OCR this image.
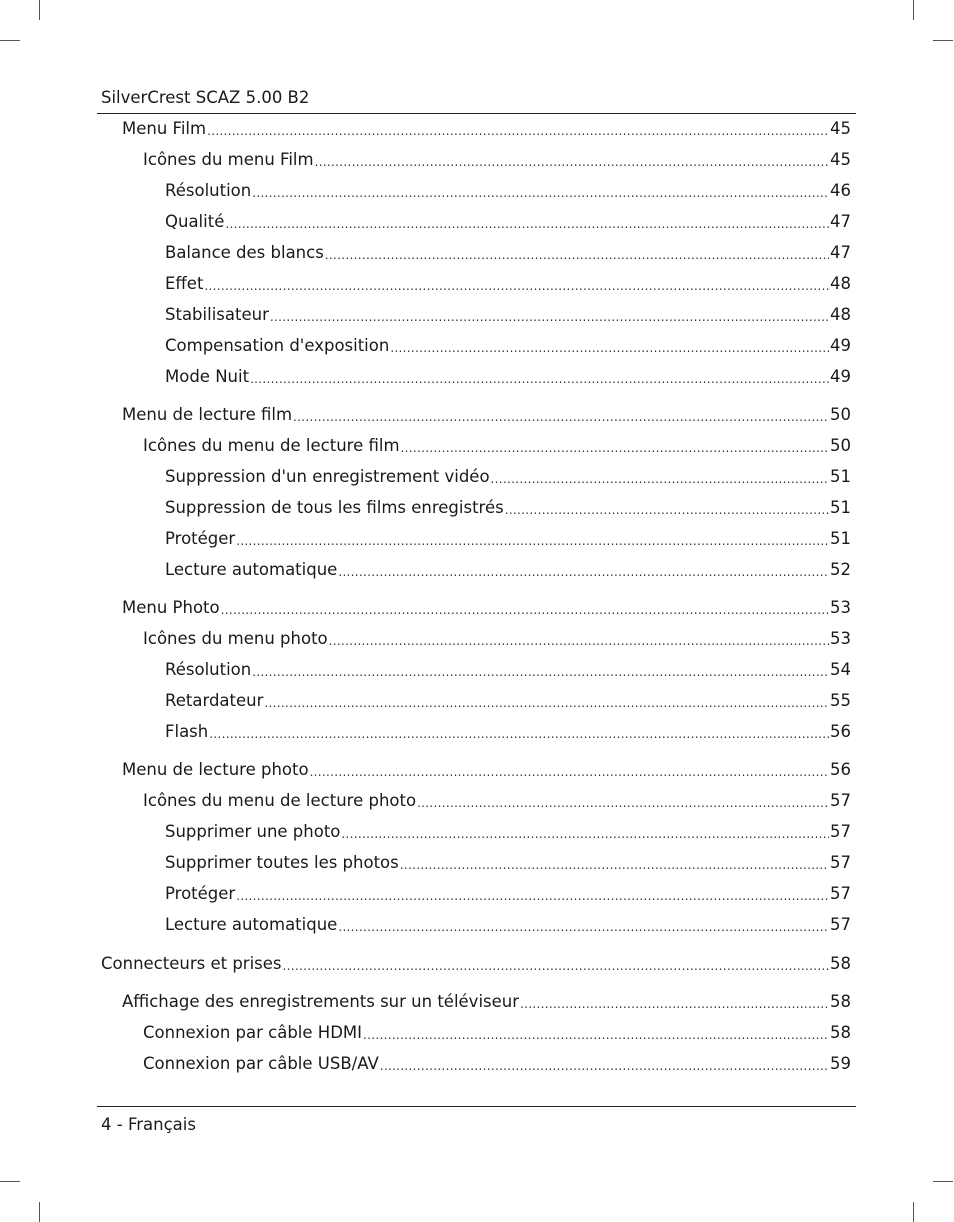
SilverCrest SCAZ 5.00 B2
Menu Film .....	45
Icônes du menu Film .....	45
Résolution .....	46
Qualité .....	47
Balance des blancs .....	47
Effet .....	48
Stabilisateur .....	48
Compensation d'exposition .....	49
Mode Nuit .....	49
Menu de lecture film .....	50
Icônes du menu de lecture film .....	50
Suppression d'un enregistrement vidéo .....	51
Suppression de tous les films enregistrés .....	51
Protéger .....	51
Lecture automatique .....	52
Menu Photo .....	53
Icônes du menu photo .....	53
Résolution .....	54
Retardateur .....	55
Flash .....	56
Menu de lecture photo .....	56
Icônes du menu de lecture photo .....	57
Supprimer une photo .....	57
Supprimer toutes les photos .....	57
Protéger .....	57
Lecture automatique .....	57
Connecteurs et prises .....	58
Affichage des enregistrements sur un téléviseur .....	58
Connexion par câble HDMI .....	58
Connexion par câble USB/AV .....	59
4 - Français
